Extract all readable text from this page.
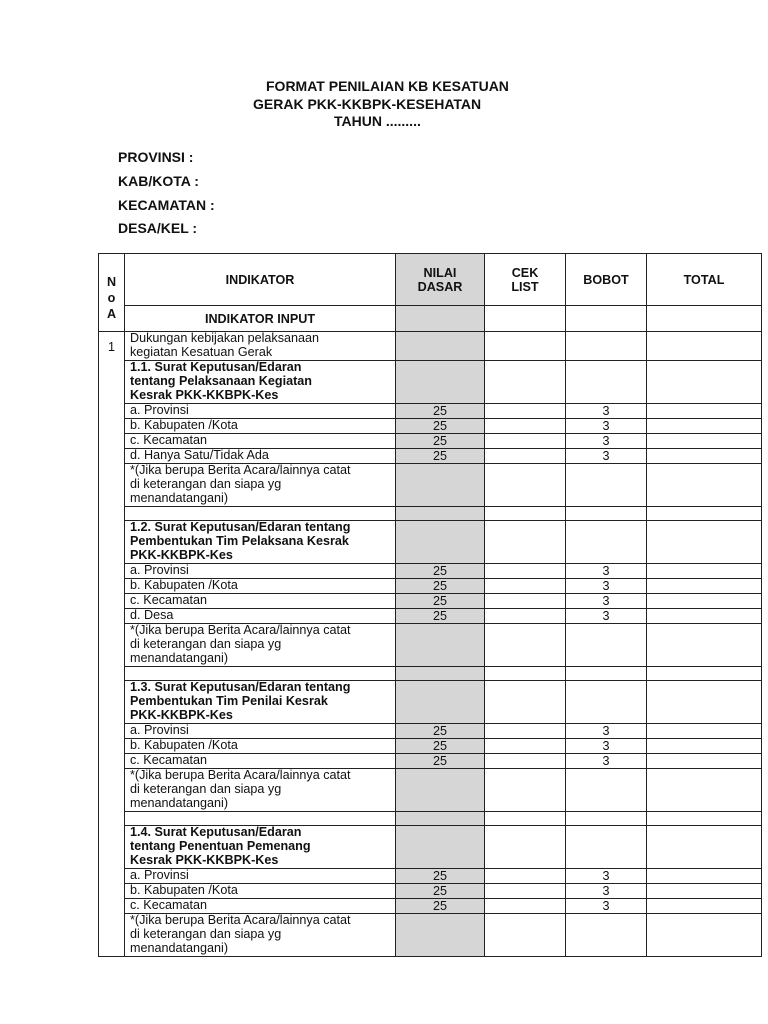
FORMAT PENILAIAN KB KESATUAN
GERAK PKK-KKBPK-KESEHATAN
TAHUN .........
PROVINSI :
KAB/KOTA :
KECAMATAN :
DESA/KEL :
N
o
A	INDIKATOR	NILAI
DASAR	CEK
LIST	BOBOT	TOTAL
	INDIKATOR INPUT				
1	Dukungan kebijakan pelaksanaan
kegiatan Kesatuan Gerak				
	1.1. Surat Keputusan/Edaran
tentang Pelaksanaan Kegiatan
Kesrak PKK-KKBPK-Kes				
	a. Provinsi	25		3	
	b. Kabupaten /Kota	25		3	
	c. Kecamatan	25		3	
	d. Hanya Satu/Tidak Ada	25		3	
	*(Jika berupa Berita Acara/lainnya catat
di keterangan dan siapa yg
menandatangani)				

	1.2. Surat Keputusan/Edaran tentang
Pembentukan Tim Pelaksana Kesrak
PKK-KKBPK-Kes				
	a. Provinsi	25		3	
	b. Kabupaten /Kota	25		3	
	c. Kecamatan	25		3	
	d. Desa	25		3	
	*(Jika berupa Berita Acara/lainnya catat
di keterangan dan siapa yg
menandatangani)				

	1.3. Surat Keputusan/Edaran tentang
Pembentukan Tim Penilai Kesrak
PKK-KKBPK-Kes				
	a. Provinsi	25		3	
	b. Kabupaten /Kota	25		3	
	c. Kecamatan	25		3	
	*(Jika berupa Berita Acara/lainnya catat
di keterangan dan siapa yg
menandatangani)				

	1.4. Surat Keputusan/Edaran
tentang Penentuan Pemenang
Kesrak PKK-KKBPK-Kes				
	a. Provinsi	25		3	
	b. Kabupaten /Kota	25		3	
	c. Kecamatan	25		3	
	*(Jika berupa Berita Acara/lainnya catat
di keterangan dan siapa yg
menandatangani)				
